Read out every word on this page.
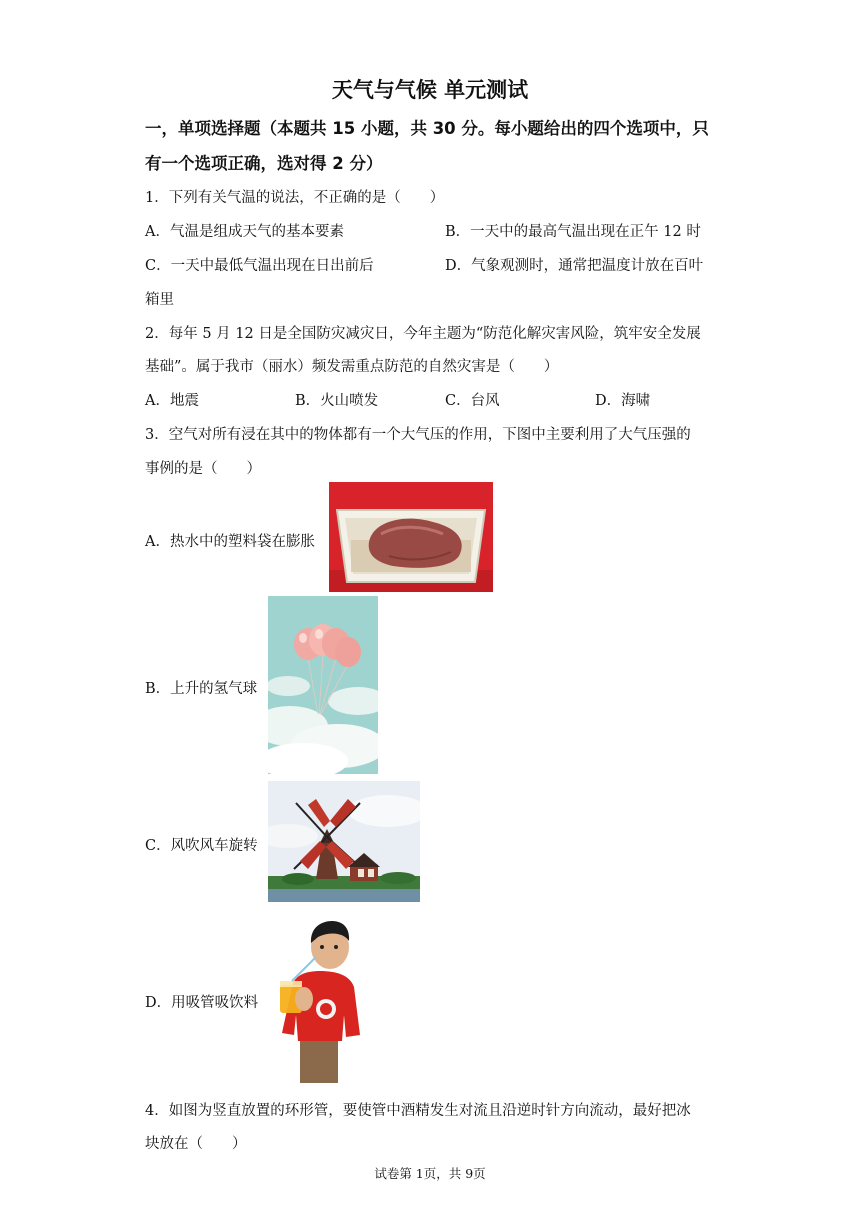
天气与气候 单元测试
一，单项选择题（本题共 15 小题，共 30 分。每小题给出的四个选项中，只
有一个选项正确，选对得 2 分）
1．下列有关气温的说法，不正确的是（　　）
A．气温是组成天气的基本要素	B．一天中的最高气温出现在正午 12 时
C．一天中最低气温出现在日出前后	D．气象观测时，通常把温度计放在百叶
箱里
2．每年 5 月 12 日是全国防灾减灾日，今年主题为“防范化解灾害风险，筑牢安全发展
基础”。属于我市（丽水）频发需重点防范的自然灾害是（　　）
A．地震	B．火山喷发	C．台风	D．海啸
3．空气对所有浸在其中的物体都有一个大气压的作用，下图中主要利用了大气压强的
事例的是（　　）
A．热水中的塑料袋在膨胀
B．上升的氢气球
C．风吹风车旋转
D．用吸管吸饮料
4．如图为竖直放置的环形管，要使管中酒精发生对流且沿逆时针方向流动，最好把冰
块放在（　　）
试卷第 1页，共 9页
